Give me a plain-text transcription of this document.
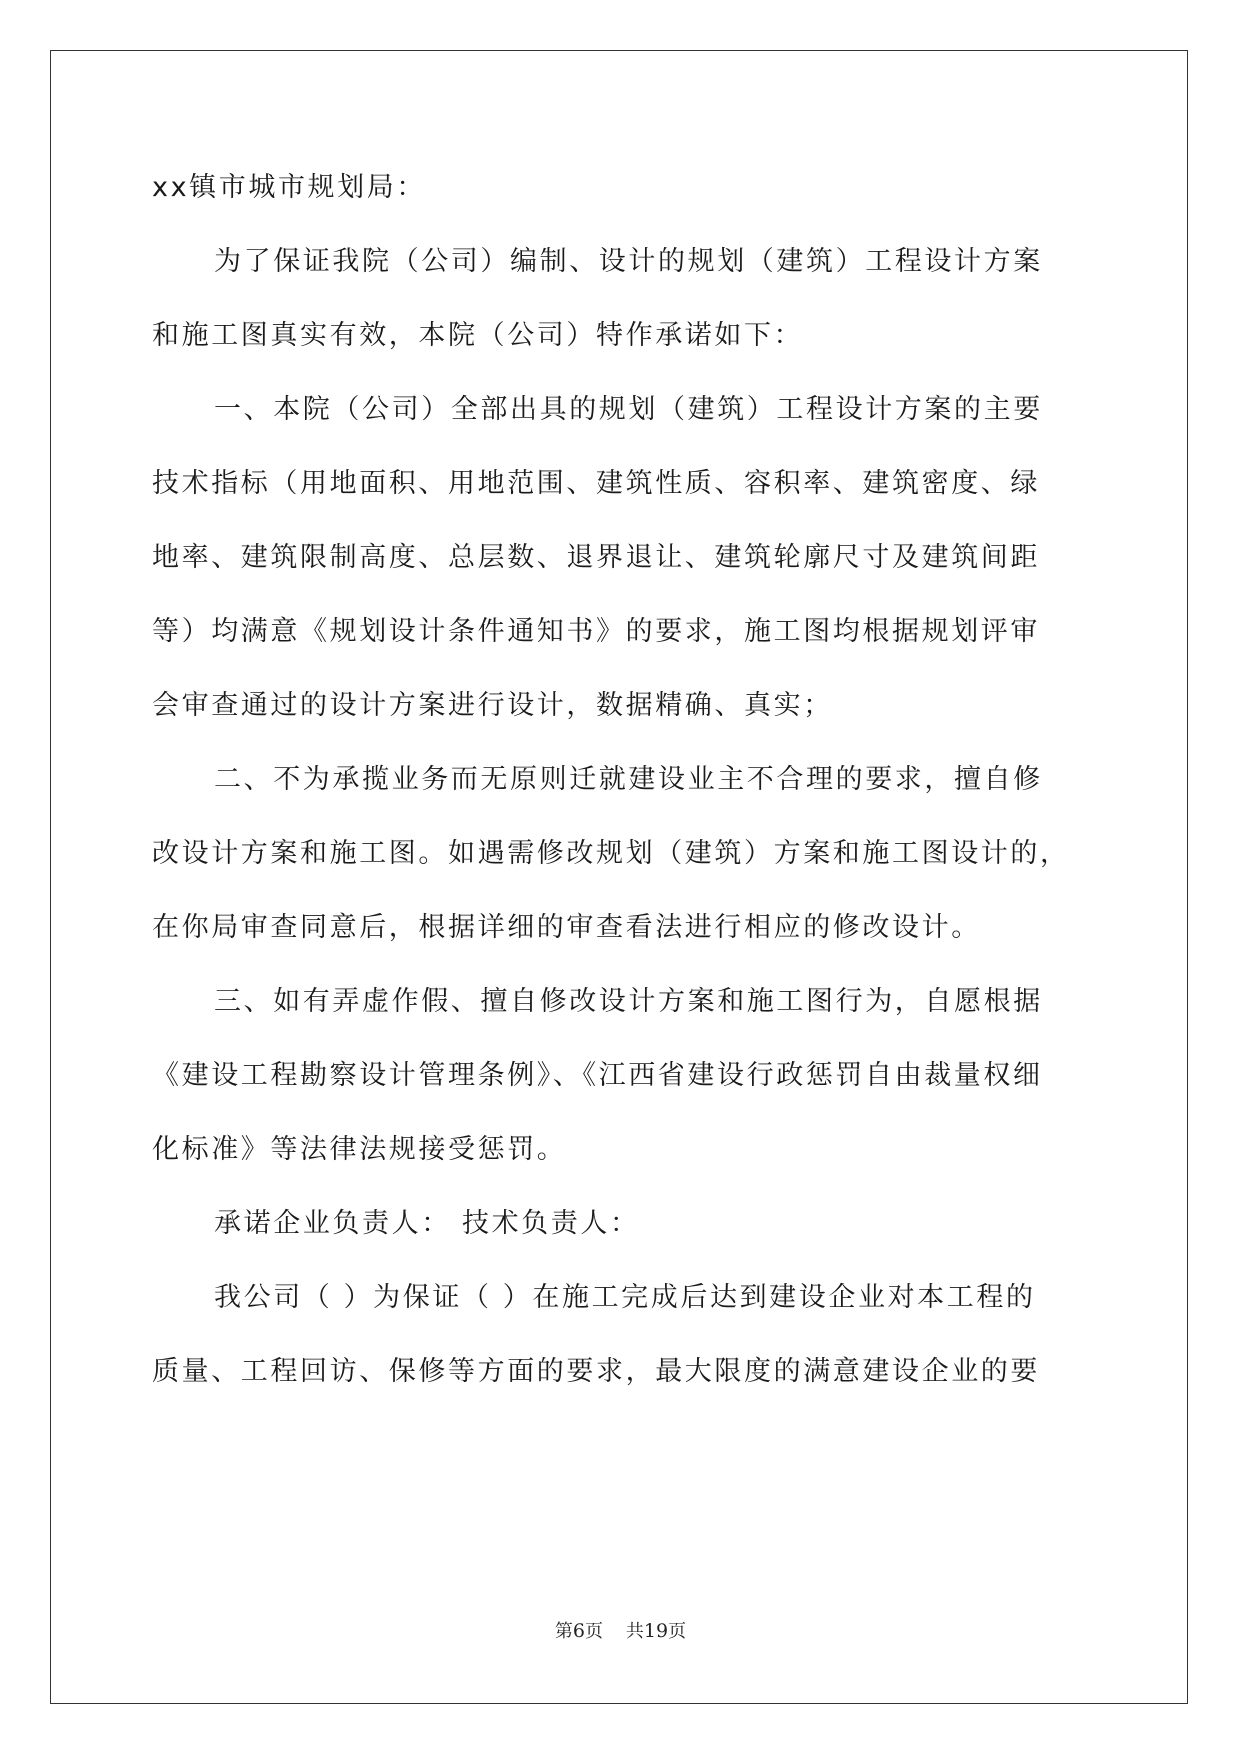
xx镇市城市规划局：
为了保证我院（公司）编制、设计的规划（建筑）工程设计方案
和施工图真实有效，本院（公司）特作承诺如下：
一、本院（公司）全部出具的规划（建筑）工程设计方案的主要
技术指标（用地面积、用地范围、建筑性质、容积率、建筑密度、绿
地率、建筑限制高度、总层数、退界退让、建筑轮廓尺寸及建筑间距
等）均满意《规划设计条件通知书》的要求，施工图均根据规划评审
会审查通过的设计方案进行设计，数据精确、真实；
二、不为承揽业务而无原则迁就建设业主不合理的要求，擅自修
改设计方案和施工图。如遇需修改规划（建筑）方案和施工图设计的，
在你局审查同意后，根据详细的审查看法进行相应的修改设计。
三、如有弄虚作假、擅自修改设计方案和施工图行为，自愿根据
《建设工程勘察设计管理条例》、《江西省建设行政惩罚自由裁量权细
化标准》等法律法规接受惩罚。
承诺企业负责人： 技术负责人：
我公司（ ）为保证（ ）在施工完成后达到建设企业对本工程的
质量、工程回访、保修等方面的要求，最大限度的满意建设企业的要
第6页 共19页
